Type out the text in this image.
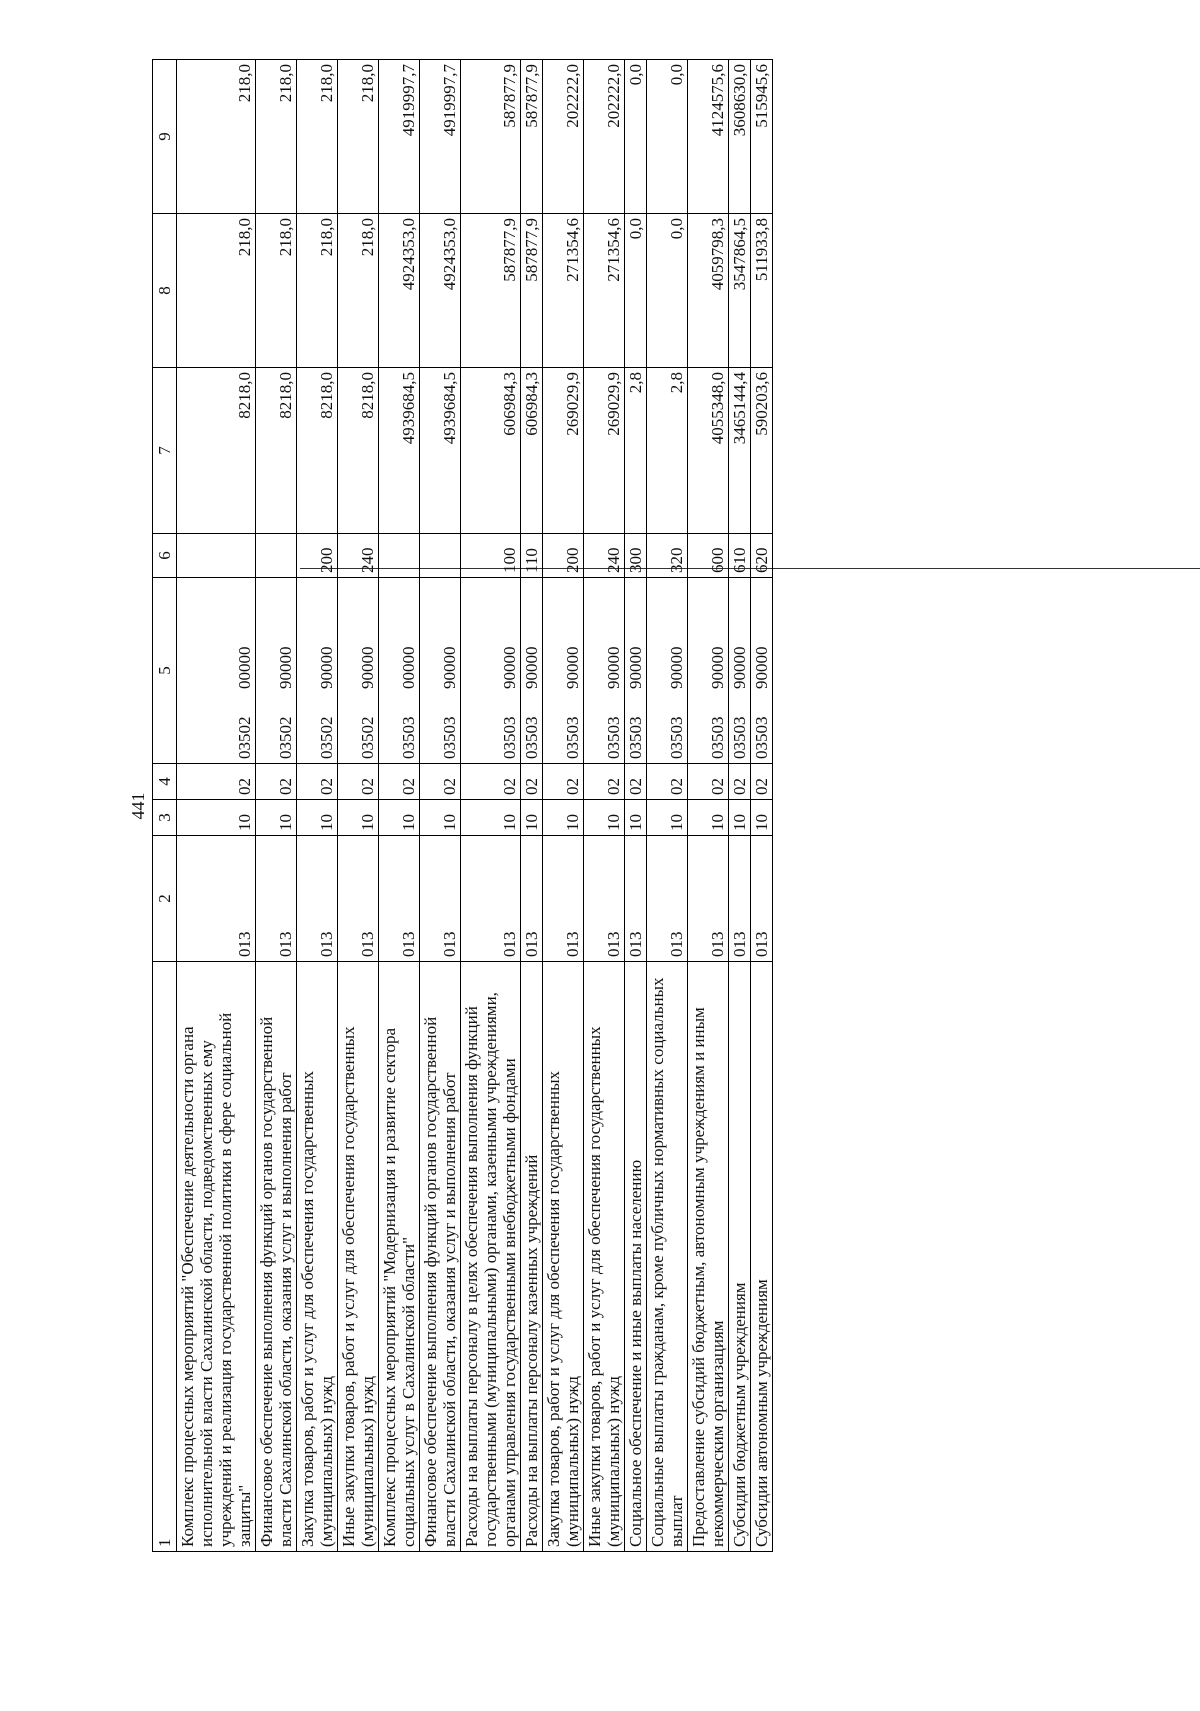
441
1	2	3	4	5	6	7	8	9
Комплекс процессных мероприятий "Обеспечение деятельности органа исполнительной власти Сахалинской области, подведомственных ему учреждений и реализация государственной политики в сфере социальной защиты"	013	10	02	0350200000		8218,0	218,0	218,0
Финансовое обеспечение выполнения функций органов государственной власти Сахалинской области, оказания услуг и выполнения работ	013	10	02	0350290000		8218,0	218,0	218,0
Закупка товаров, работ и услуг для обеспечения государственных (муниципальных) нужд	013	10	02	0350290000	200	8218,0	218,0	218,0
Иные закупки товаров, работ и услуг для обеспечения государственных (муниципальных) нужд	013	10	02	0350290000	240	8218,0	218,0	218,0
Комплекс процессных мероприятий "Модернизация и развитие сектора социальных услуг в Сахалинской области"	013	10	02	0350300000		4939684,5	4924353,0	4919997,7
Финансовое обеспечение выполнения функций органов государственной власти Сахалинской области, оказания услуг и выполнения работ	013	10	02	0350390000		4939684,5	4924353,0	4919997,7
Расходы на выплаты персоналу в целях обеспечения выполнения функций государственными (муниципальными) органами, казенными учреждениями, органами управления государственными внебюджетными фондами	013	10	02	0350390000	100	606984,3	587877,9	587877,9
Расходы на выплаты персоналу казенных учреждений	013	10	02	0350390000	110	606984,3	587877,9	587877,9
Закупка товаров, работ и услуг для обеспечения государственных (муниципальных) нужд	013	10	02	0350390000	200	269029,9	271354,6	202222,0
Иные закупки товаров, работ и услуг для обеспечения государственных (муниципальных) нужд	013	10	02	0350390000	240	269029,9	271354,6	202222,0
Социальное обеспечение и иные выплаты населению	013	10	02	0350390000	300	2,8	0,0	0,0
Социальные выплаты гражданам, кроме публичных нормативных социальных выплат	013	10	02	0350390000	320	2,8	0,0	0,0
Предоставление субсидий бюджетным, автономным учреждениям и иным некоммерческим организациям	013	10	02	0350390000	600	4055348,0	4059798,3	4124575,6
Субсидии бюджетным учреждениям	013	10	02	0350390000	610	3465144,4	3547864,5	3608630,0
Субсидии автономным учреждениям	013	10	02	0350390000	620	590203,6	511933,8	515945,6
